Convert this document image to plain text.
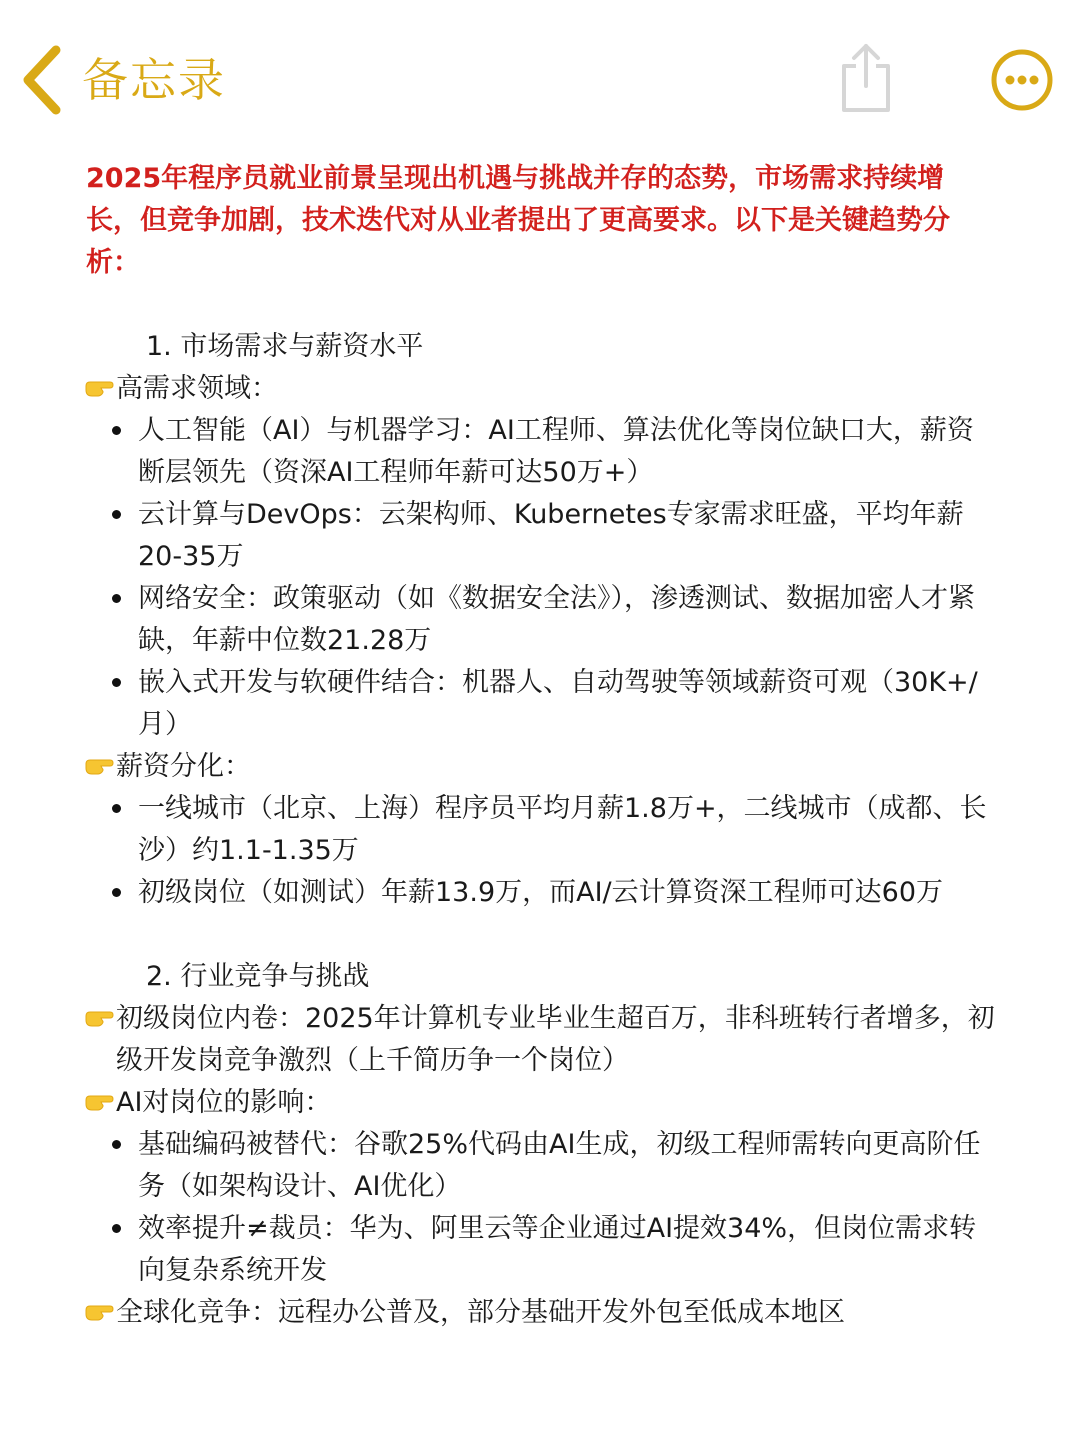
备忘录

2025年程序员就业前景呈现出机遇与挑战并存的态势，市场需求持续增长，但竞争加剧，技术迭代对从业者提出了更高要求。以下是关键趋势分析：

1. 市场需求与薪资水平

高需求领域：

人工智能（AI）与机器学习：AI工程师、算法优化等岗位缺口大，薪资断层领先（资深AI工程师年薪可达50万+）
云计算与DevOps：云架构师、Kubernetes专家需求旺盛，平均年薪20-35万
网络安全：政策驱动（如《数据安全法》），渗透测试、数据加密人才紧缺，年薪中位数21.28万
嵌入式开发与软硬件结合：机器人、自动驾驶等领域薪资可观（30K+/月）

薪资分化：

一线城市（北京、上海）程序员平均月薪1.8万+，二线城市（成都、长沙）约1.1-1.35万
初级岗位（如测试）年薪13.9万，而AI/云计算资深工程师可达60万

2. 行业竞争与挑战

初级岗位内卷：2025年计算机专业毕业生超百万，非科班转行者增多，初级开发岗竞争激烈（上千简历争一个岗位）

AI对岗位的影响：

基础编码被替代：谷歌25%代码由AI生成，初级工程师需转向更高阶任务（如架构设计、AI优化）
效率提升≠裁员：华为、阿里云等企业通过AI提效34%，但岗位需求转向复杂系统开发

全球化竞争：远程办公普及，部分基础开发外包至低成本地区
